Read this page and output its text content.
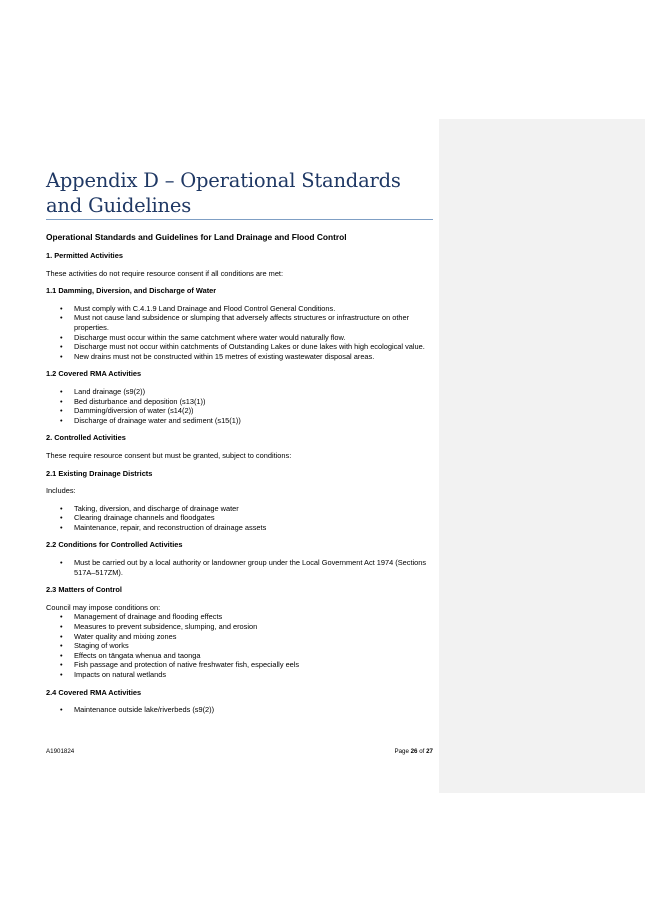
Appendix D – Operational Standards and Guidelines
Operational Standards and Guidelines for Land Drainage and Flood Control
1. Permitted Activities

These activities do not require resource consent if all conditions are met:

1.1 Damming, Diversion, and Discharge of Water
• Must comply with C.4.1.9 Land Drainage and Flood Control General Conditions.
• Must not cause land subsidence or slumping that adversely affects structures or infrastructure on other properties.
• Discharge must occur within the same catchment where water would naturally flow.
• Discharge must not occur within catchments of Outstanding Lakes or dune lakes with high ecological value.
• New drains must not be constructed within 15 metres of existing wastewater disposal areas.
1.2 Covered RMA Activities
• Land drainage (s9(2))
• Bed disturbance and deposition (s13(1))
• Damming/diversion of water (s14(2))
• Discharge of drainage water and sediment (s15(1))
2. Controlled Activities

These require resource consent but must be granted, subject to conditions:

2.1 Existing Drainage Districts

Includes:

• Taking, diversion, and discharge of drainage water
• Clearing drainage channels and floodgates
• Maintenance, repair, and reconstruction of drainage assets
2.2 Conditions for Controlled Activities
• Must be carried out by a local authority or landowner group under the Local Government Act 1974 (Sections 517A–517ZM).
2.3 Matters of Control

Council may impose conditions on:

• Management of drainage and flooding effects
• Measures to prevent subsidence, slumping, and erosion
• Water quality and mixing zones
• Staging of works
• Effects on tāngata whenua and taonga
• Fish passage and protection of native freshwater fish, especially eels
• Impacts on natural wetlands
2.4 Covered RMA Activities
• Maintenance outside lake/riverbeds (s9(2))
A1901824	Page 26 of 27
